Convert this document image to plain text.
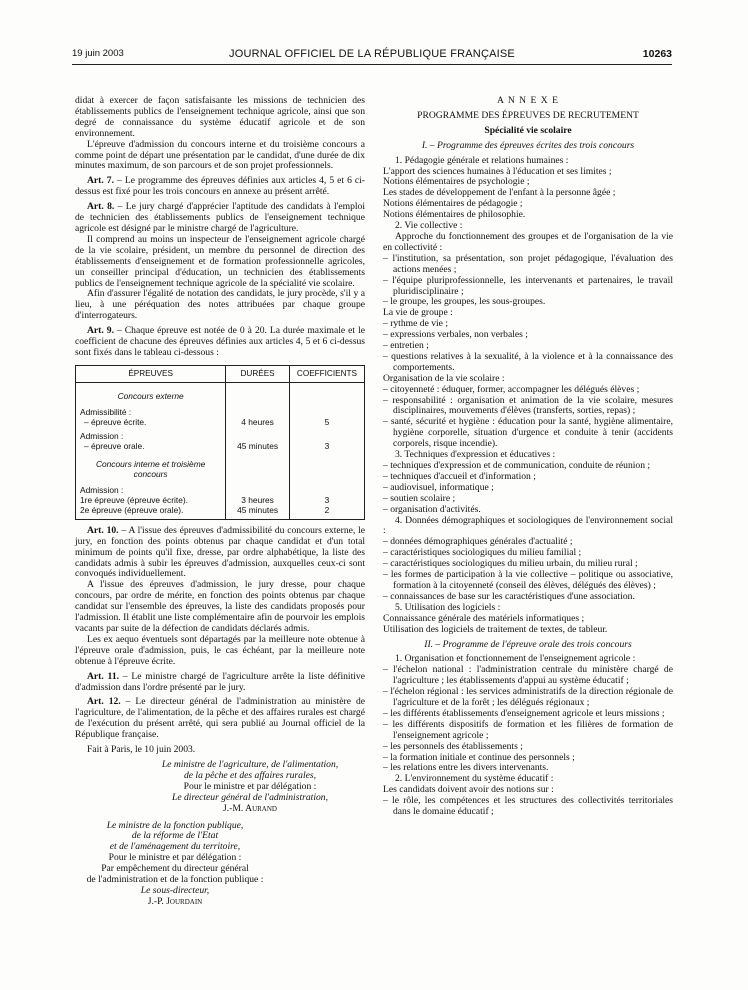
19 juin 2003	JOURNAL OFFICIEL DE LA RÉPUBLIQUE FRANÇAISE	10263

didat à exercer de façon satisfaisante les missions de technicien des établissements publics de l'enseignement technique agricole, ainsi que son degré de connaissance du système éducatif agricole et de son environnement.

L'épreuve d'admission du concours interne et du troisième concours a comme point de départ une présentation par le candidat, d'une durée de dix minutes maximum, de son parcours et de son projet professionnels.

Art. 7. – Le programme des épreuves définies aux articles 4, 5 et 6 ci-dessus est fixé pour les trois concours en annexe au présent arrêté.

Art. 8. – Le jury chargé d'apprécier l'aptitude des candidats à l'emploi de technicien des établissements publics de l'enseignement technique agricole est désigné par le ministre chargé de l'agriculture.

Il comprend au moins un inspecteur de l'enseignement agricole chargé de la vie scolaire, président, un membre du personnel de direction des établissements d'enseignement et de formation professionnelle agricoles, un conseiller principal d'éducation, un technicien des établissements publics de l'enseignement technique agricole de la spécialité vie scolaire.

Afin d'assurer l'égalité de notation des candidats, le jury procède, s'il y a lieu, à une péréquation des notes attribuées par chaque groupe d'interrogateurs.

Art. 9. – Chaque épreuve est notée de 0 à 20. La durée maximale et le coefficient de chacune des épreuves définies aux articles 4, 5 et 6 ci-dessus sont fixés dans le tableau ci-dessous :

ÉPREUVES	DURÉES	COEFFICIENTS
Concours externe		
Admissibilité :		
– épreuve écrite.	4 heures	5
Admission :		
– épreuve orale.	45 minutes	3
Concours interne et troisième concours		
Admission :		
1re épreuve (épreuve écrite).	3 heures	3
2e épreuve (épreuve orale).	45 minutes	2

Art. 10. – A l'issue des épreuves d'admissibilité du concours externe, le jury, en fonction des points obtenus par chaque candidat et d'un total minimum de points qu'il fixe, dresse, par ordre alphabétique, la liste des candidats admis à subir les épreuves d'admission, auxquelles ceux-ci sont convoqués individuellement.

A l'issue des épreuves d'admission, le jury dresse, pour chaque concours, par ordre de mérite, en fonction des points obtenus par chaque candidat sur l'ensemble des épreuves, la liste des candidats proposés pour l'admission. Il établit une liste complémentaire afin de pourvoir les emplois vacants par suite de la défection de candidats déclarés admis.

Les ex aequo éventuels sont départagés par la meilleure note obtenue à l'épreuve orale d'admission, puis, le cas échéant, par la meilleure note obtenue à l'épreuve écrite.

Art. 11. – Le ministre chargé de l'agriculture arrête la liste définitive d'admission dans l'ordre présenté par le jury.

Art. 12. – Le directeur général de l'administration au ministère de l'agriculture, de l'alimentation, de la pêche et des affaires rurales est chargé de l'exécution du présent arrêté, qui sera publié au Journal officiel de la République française.

Fait à Paris, le 10 juin 2003.

Le ministre de l'agriculture, de l'alimentation,

de la pêche et des affaires rurales,

Pour le ministre et par délégation :

Le directeur général de l'administration,

J.-M. Aurand

Le ministre de la fonction publique,

de la réforme de l'Etat

et de l'aménagement du territoire,

Pour le ministre et par délégation :

Par empêchement du directeur général

de l'administration et de la fonction publique :

Le sous-directeur,

J.-P. Jourdain

A N N E X E

PROGRAMME DES ÉPREUVES DE RECRUTEMENT

Spécialité vie scolaire

I. – Programme des épreuves écrites des trois concours

1. Pédagogie générale et relations humaines :

L'apport des sciences humaines à l'éducation et ses limites ;

Notions élémentaires de psychologie ;

Les stades de développement de l'enfant à la personne âgée ;

Notions élémentaires de pédagogie ;

Notions élémentaires de philosophie.

2. Vie collective :

Approche du fonctionnement des groupes et de l'organisation de la vie en collectivité :

– l'institution, sa présentation, son projet pédagogique, l'évaluation des actions menées ;

– l'équipe pluriprofessionnelle, les intervenants et partenaires, le travail pluridisciplinaire ;

– le groupe, les groupes, les sous-groupes.

La vie de groupe :

– rythme de vie ;

– expressions verbales, non verbales ;

– entretien ;

– questions relatives à la sexualité, à la violence et à la connaissance des comportements.

Organisation de la vie scolaire :

– citoyenneté : éduquer, former, accompagner les délégués élèves ;

– responsabilité : organisation et animation de la vie scolaire, mesures disciplinaires, mouvements d'élèves (transferts, sorties, repas) ;

– santé, sécurité et hygiène : éducation pour la santé, hygiène alimentaire, hygiène corporelle, situation d'urgence et conduite à tenir (accidents corporels, risque incendie).

3. Techniques d'expression et éducatives :

– techniques d'expression et de communication, conduite de réunion ;

– techniques d'accueil et d'information ;

– audiovisuel, informatique ;

– soutien scolaire ;

– organisation d'activités.

4. Données démographiques et sociologiques de l'environnement social :

– données démographiques générales d'actualité ;

– caractéristiques sociologiques du milieu familial ;

– caractéristiques sociologiques du milieu urbain, du milieu rural ;

– les formes de participation à la vie collective – politique ou associative, formation à la citoyenneté (conseil des élèves, délégués des élèves) ;

– connaissances de base sur les caractéristiques d'une association.

5. Utilisation des logiciels :

Connaissance générale des matériels informatiques ;

Utilisation des logiciels de traitement de textes, de tableur.

II. – Programme de l'épreuve orale des trois concours

1. Organisation et fonctionnement de l'enseignement agricole :

– l'échelon national : l'administration centrale du ministère chargé de l'agriculture ; les établissements d'appui au système éducatif ;

– l'échelon régional : les services administratifs de la direction régionale de l'agriculture et de la forêt ; les délégués régionaux ;

– les différents établissements d'enseignement agricole et leurs missions ;

– les différents dispositifs de formation et les filières de formation de l'enseignement agricole ;

– les personnels des établissements ;

– la formation initiale et continue des personnels ;

– les relations entre les divers intervenants.

2. L'environnement du système éducatif :

Les candidats doivent avoir des notions sur :

– le rôle, les compétences et les structures des collectivités territoriales dans le domaine éducatif ;
